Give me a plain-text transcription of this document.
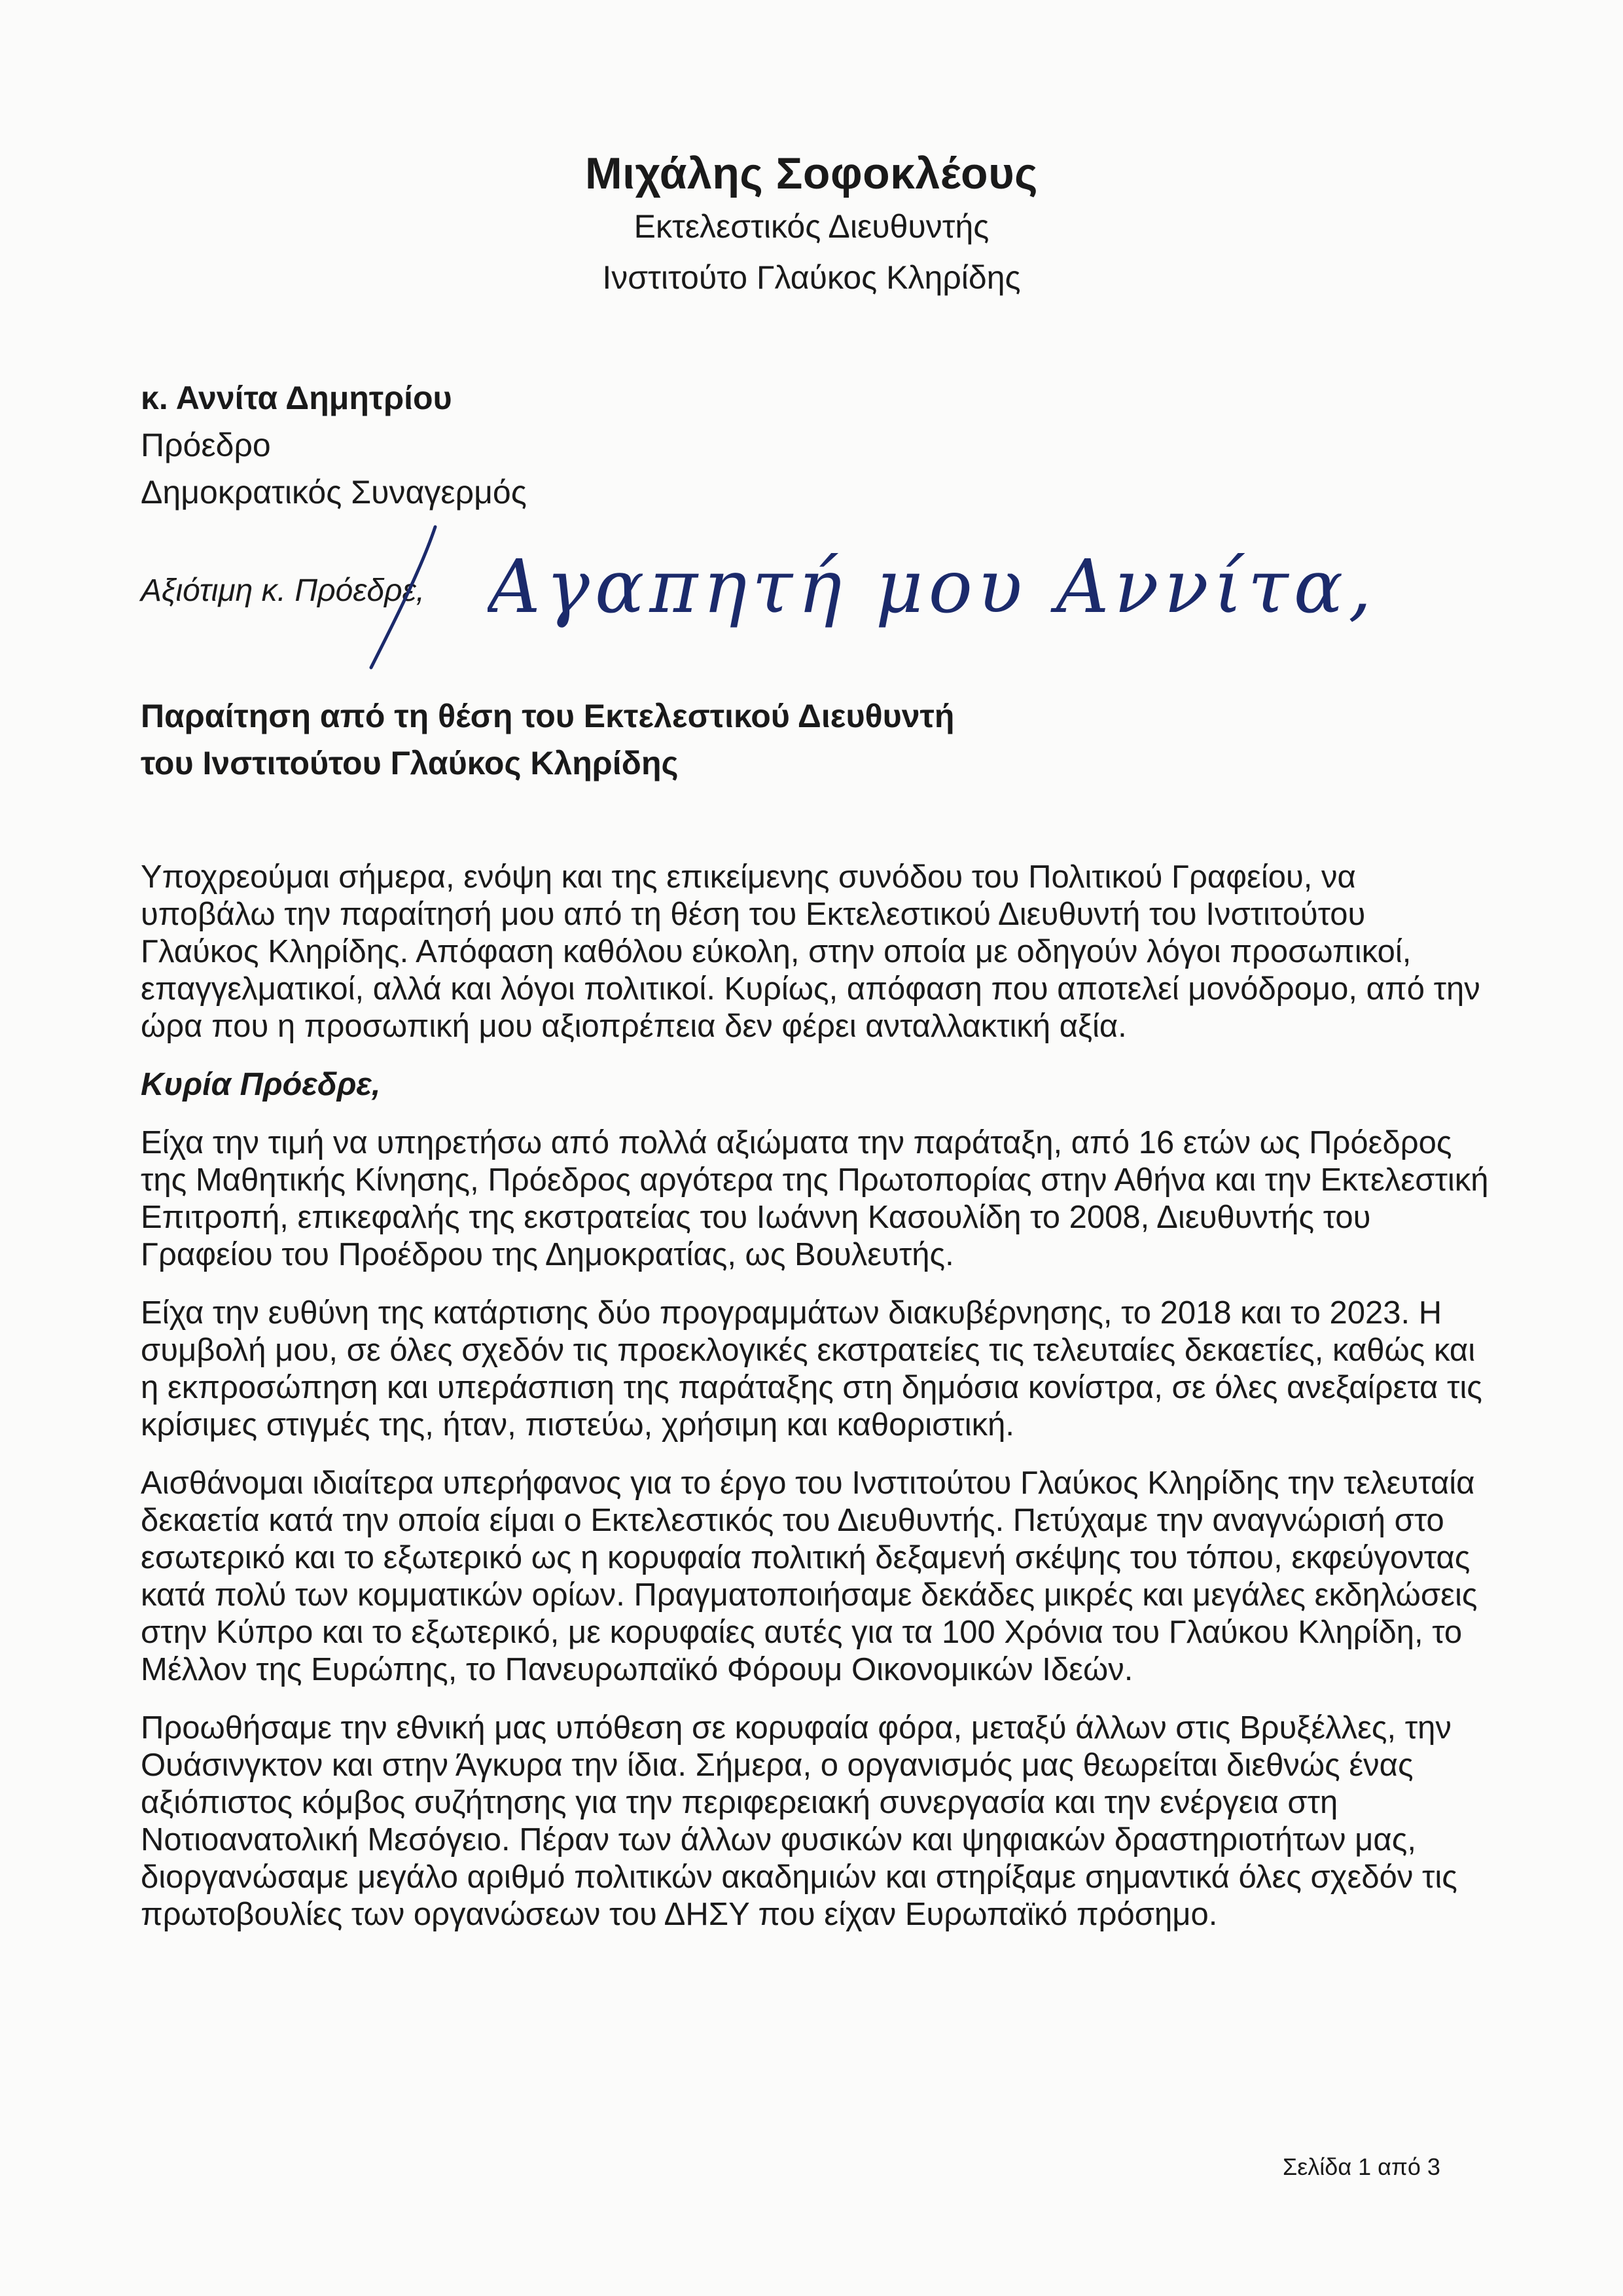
Μιχάλης Σοφοκλέους
Εκτελεστικός Διευθυντής
Ινστιτούτο Γλαύκος Κληρίδης
κ. Αννίτα Δημητρίου
Πρόεδρο
Δημοκρατικός Συναγερμός
Αξιότιμη κ. Πρόεδρε, Αγαπητή μου Αννίτα,
Παραίτηση από τη θέση του Εκτελεστικού Διευθυντή
του Ινστιτούτου Γλαύκος Κληρίδης

Υποχρεούμαι σήμερα, ενόψη και της επικείμενης συνόδου του Πολιτικού Γραφείου, να υποβάλω την παραίτησή μου από τη θέση του Εκτελεστικού Διευθυντή του Ινστιτούτου Γλαύκος Κληρίδης. Απόφαση καθόλου εύκολη, στην οποία με οδηγούν λόγοι προσωπικοί, επαγγελματικοί, αλλά και λόγοι πολιτικοί. Κυρίως, απόφαση που αποτελεί μονόδρομο, από την ώρα που η προσωπική μου αξιοπρέπεια δεν φέρει ανταλλακτική αξία.

Κυρία Πρόεδρε,

Είχα την τιμή να υπηρετήσω από πολλά αξιώματα την παράταξη, από 16 ετών ως Πρόεδρος της Μαθητικής Κίνησης, Πρόεδρος αργότερα της Πρωτοπορίας στην Αθήνα και την Εκτελεστική Επιτροπή, επικεφαλής της εκστρατείας του Ιωάννη Κασουλίδη το 2008, Διευθυντής του Γραφείου του Προέδρου της Δημοκρατίας, ως Βουλευτής.

Είχα την ευθύνη της κατάρτισης δύο προγραμμάτων διακυβέρνησης, το 2018 και το 2023. Η συμβολή μου, σε όλες σχεδόν τις προεκλογικές εκστρατείες τις τελευταίες δεκαετίες, καθώς και η εκπροσώπηση και υπεράσπιση της παράταξης στη δημόσια κονίστρα, σε όλες ανεξαίρετα τις κρίσιμες στιγμές της, ήταν, πιστεύω, χρήσιμη και καθοριστική.

Αισθάνομαι ιδιαίτερα υπερήφανος για το έργο του Ινστιτούτου Γλαύκος Κληρίδης την τελευταία δεκαετία κατά την οποία είμαι ο Εκτελεστικός του Διευθυντής. Πετύχαμε την αναγνώρισή στο εσωτερικό και το εξωτερικό ως η κορυφαία πολιτική δεξαμενή σκέψης του τόπου, εκφεύγοντας κατά πολύ των κομματικών ορίων. Πραγματοποιήσαμε δεκάδες μικρές και μεγάλες εκδηλώσεις στην Κύπρο και το εξωτερικό, με κορυφαίες αυτές για τα 100 Χρόνια του Γλαύκου Κληρίδη, το Μέλλον της Ευρώπης, το Πανευρωπαϊκό Φόρουμ Οικονομικών Ιδεών.

Προωθήσαμε την εθνική μας υπόθεση σε κορυφαία φόρα, μεταξύ άλλων στις Βρυξέλλες, την Ουάσινγκτον και στην Άγκυρα την ίδια. Σήμερα, ο οργανισμός μας θεωρείται διεθνώς ένας αξιόπιστος κόμβος συζήτησης για την περιφερειακή συνεργασία και την ενέργεια στη Νοτιοανατολική Μεσόγειο. Πέραν των άλλων φυσικών και ψηφιακών δραστηριοτήτων μας, διοργανώσαμε μεγάλο αριθμό πολιτικών ακαδημιών και στηρίξαμε σημαντικά όλες σχεδόν τις πρωτοβουλίες των οργανώσεων του ΔΗΣΥ που είχαν Ευρωπαϊκό πρόσημο.

Σελίδα 1 από 3
